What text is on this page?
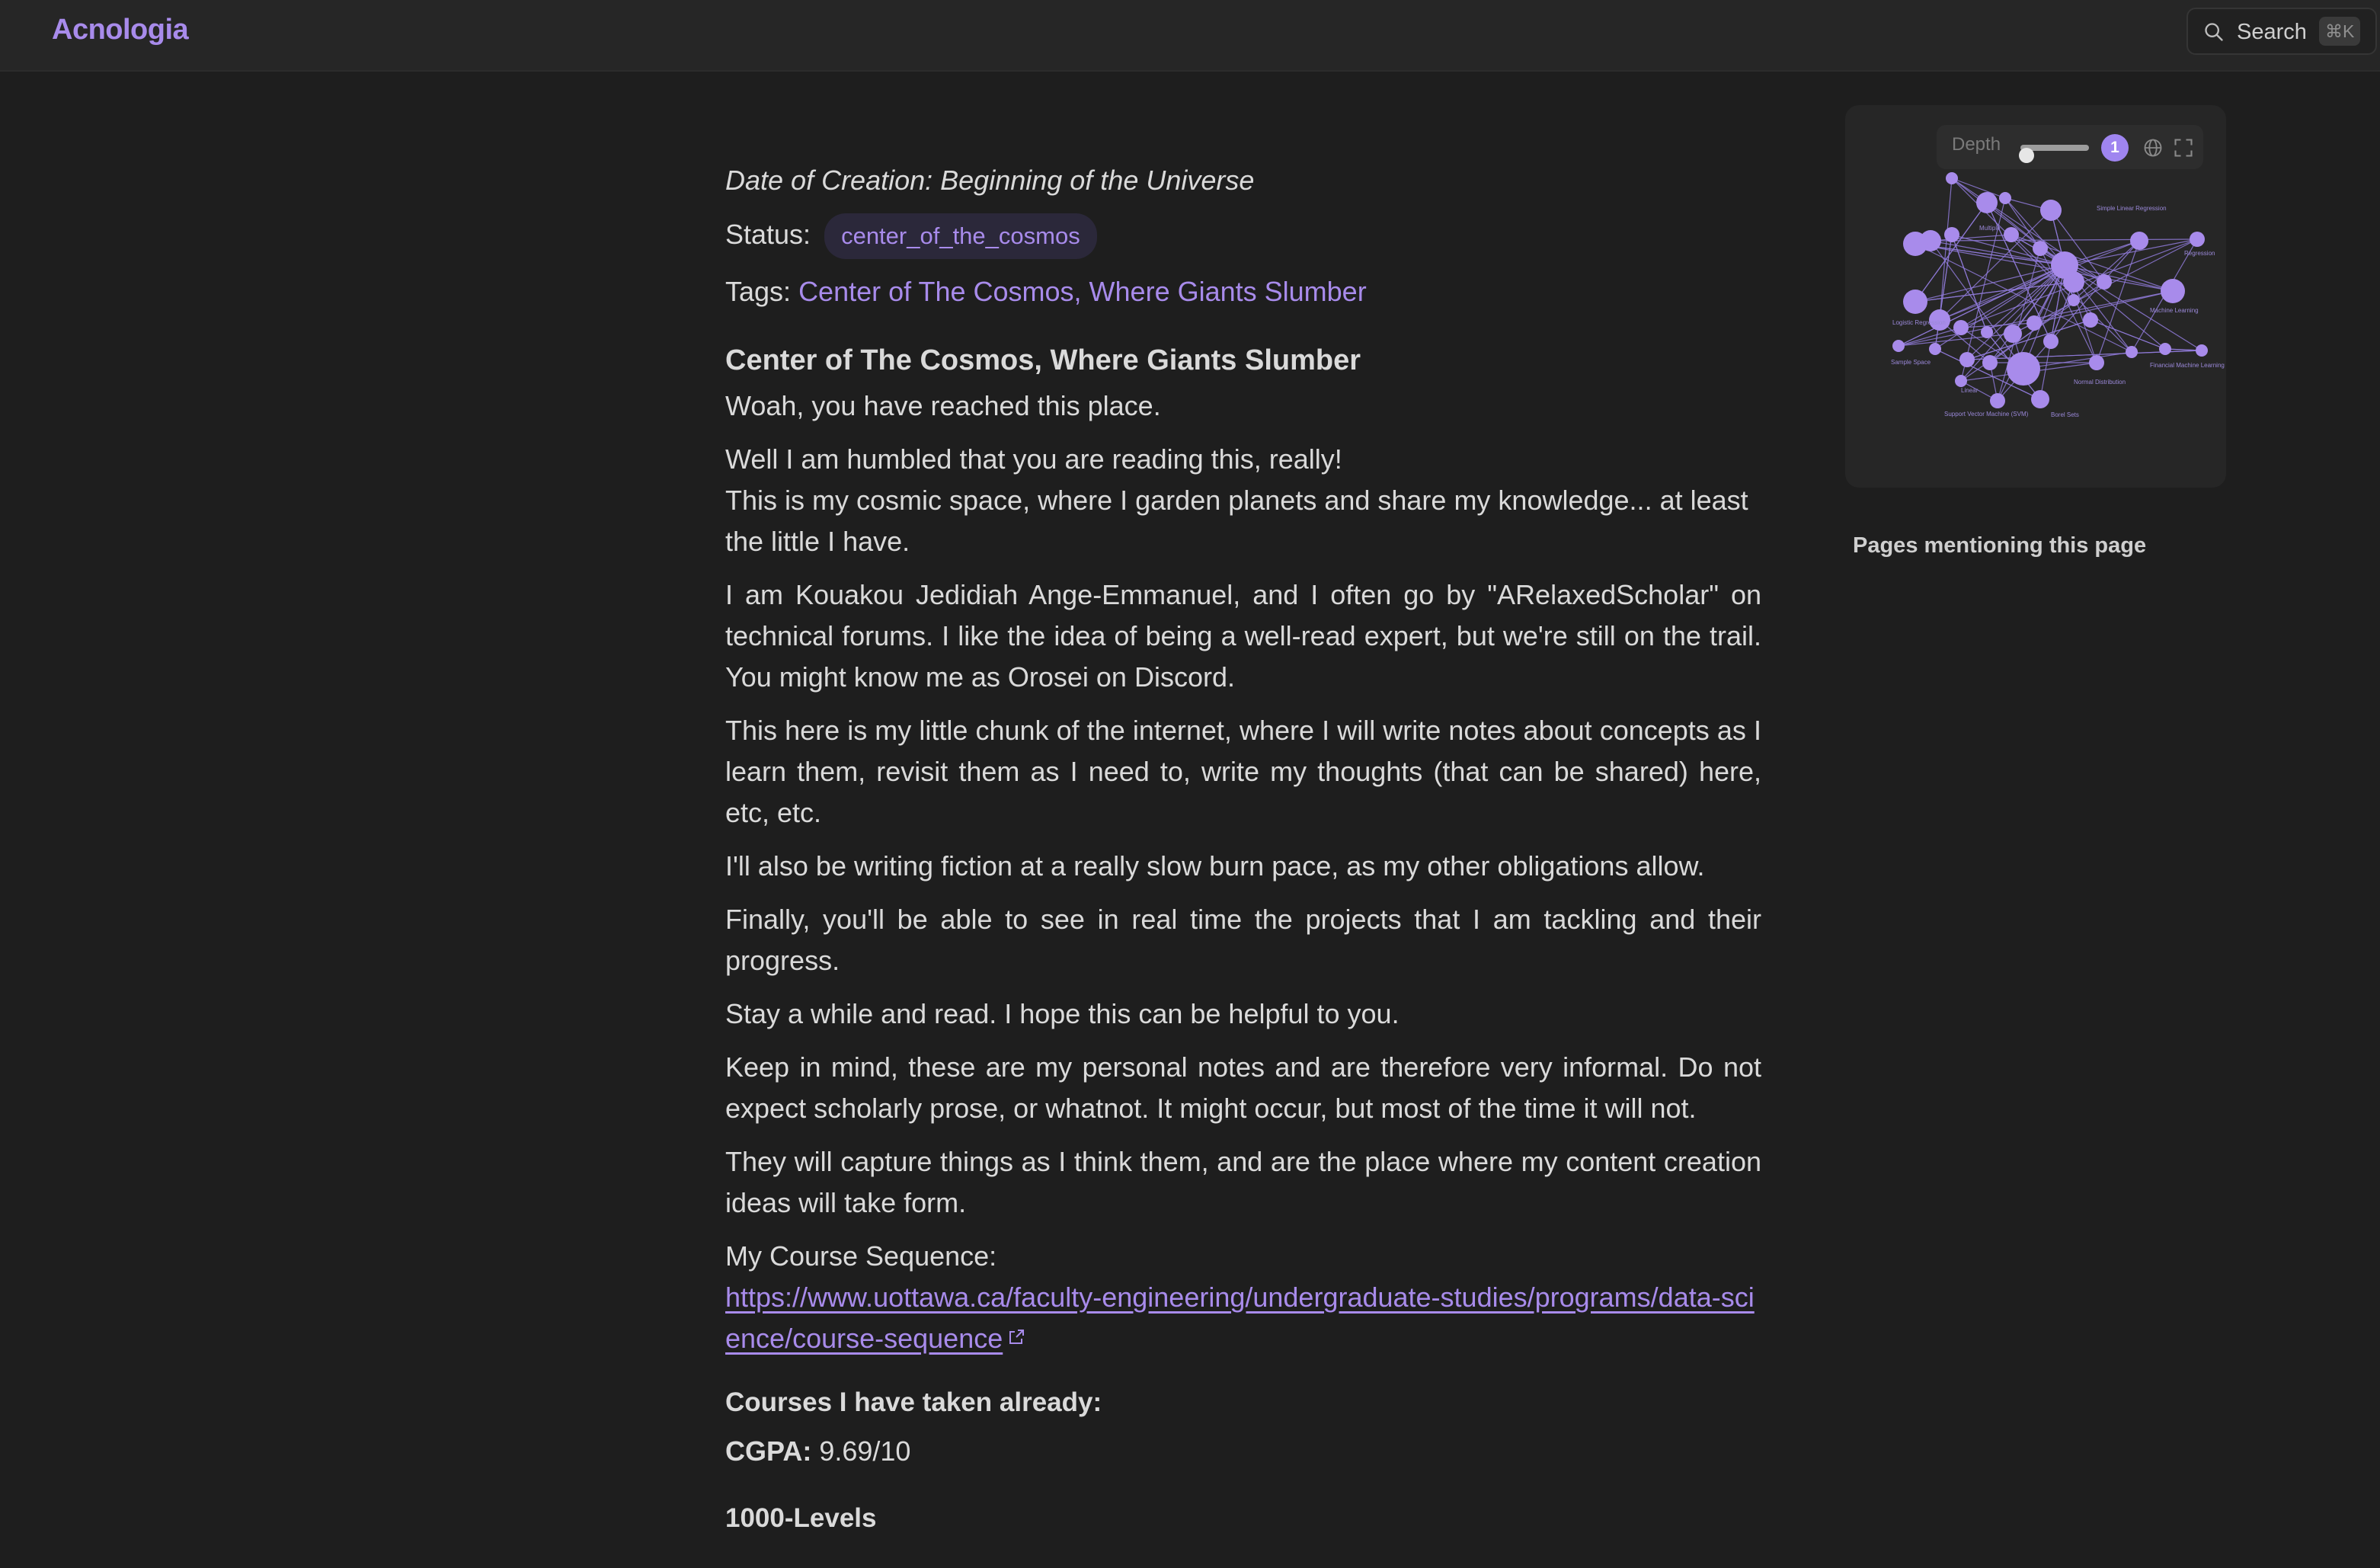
Acnologia	Search	⌘K
Date of Creation: Beginning of the Universe
Status: center_of_the_cosmos
Tags: Center of The Cosmos, Where Giants Slumber
Center of The Cosmos, Where Giants Slumber

Woah, you have reached this place.

Well I am humbled that you are reading this, really!
This is my cosmic space, where I garden planets and share my knowledge... at least the little I have.

I am Kouakou Jedidiah Ange-Emmanuel, and I often go by "ARelaxedScholar" on technical forums. I like the idea of being a well-read expert, but we're still on the trail. You might know me as Orosei on Discord.

This here is my little chunk of the internet, where I will write notes about concepts as I learn them, revisit them as I need to, write my thoughts (that can be shared) here, etc, etc.

I'll also be writing fiction at a really slow burn pace, as my other obligations allow.

Finally, you'll be able to see in real time the projects that I am tackling and their progress.

Stay a while and read. I hope this can be helpful to you.

Keep in mind, these are my personal notes and are therefore very informal. Do not expect scholarly prose, or whatnot. It might occur, but most of the time it will not.

They will capture things as I think them, and are the place where my content creation ideas will take form.

My Course Sequence:
https://www.uottawa.ca/faculty-engineering/undergraduate-studies/programs/data-science/course-sequence

Courses I have taken already:

CGPA: 9.69/10

1000-Levels
Simple Linear Regression
Regression
Machine Learning
Logistic Regression
Sample Space
Support Vector Machine (SVM)	Borel Sets
Normal Distribution
Financial Machine Learning
Multiple
Linear
Depth	1
Pages mentioning this page
